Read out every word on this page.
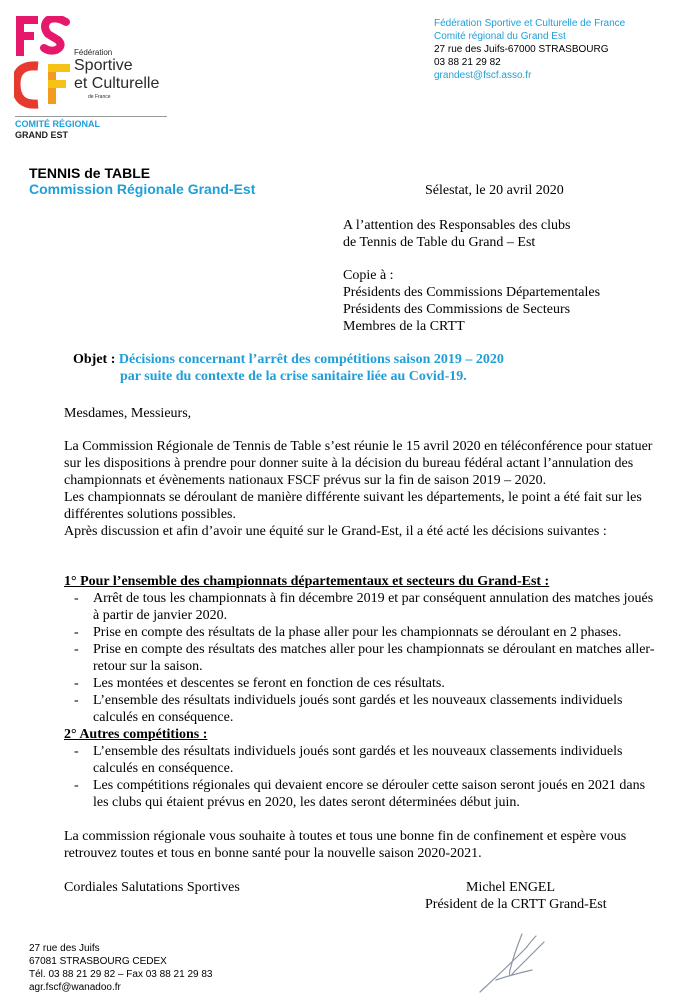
Fédération
Sportive
et Culturelle
de France
COMITÉ RÉGIONAL
GRAND EST
Fédération Sportive et Culturelle de France
Comité régional du Grand Est
27 rue des Juifs-67000 STRASBOURG
03 88 21 29 82
grandest@fscf.asso.fr
TENNIS de TABLE
Commission Régionale Grand-Est	Sélestat, le 20 avril 2020
A l’attention des Responsables des clubs
de Tennis de Table du Grand – Est
Copie à :
Présidents des Commissions Départementales
Présidents des Commissions de Secteurs
Membres de la CRTT
Objet : Décisions concernant l’arrêt des compétitions saison 2019 – 2020
par suite du contexte de la crise sanitaire liée au Covid-19.
Mesdames, Messieurs,

La Commission Régionale de Tennis de Table s’est réunie le 15 avril 2020 en téléconférence pour statuer sur les dispositions à prendre pour donner suite à la décision du bureau fédéral actant l’annulation des championnats et évènements nationaux FSCF prévus sur la fin de saison 2019 – 2020.

Les championnats se déroulant de manière différente suivant les départements, le point a été fait sur les différentes solutions possibles.

Après discussion et afin d’avoir une équité sur le Grand-Est, il a été acté les décisions suivantes :

1° Pour l’ensemble des championnats départementaux et secteurs du Grand-Est :
- Arrêt de tous les championnats à fin décembre 2019 et par conséquent annulation des matches joués à partir de janvier 2020.
- Prise en compte des résultats de la phase aller pour les championnats se déroulant en 2 phases.
- Prise en compte des résultats des matches aller pour les championnats se déroulant en matches aller-retour sur la saison.
- Les montées et descentes se feront en fonction de ces résultats.
- L’ensemble des résultats individuels joués sont gardés et les nouveaux classements individuels calculés en conséquence.
2° Autres compétitions :
- L’ensemble des résultats individuels joués sont gardés et les nouveaux classements individuels calculés en conséquence.
- Les compétitions régionales qui devaient encore se dérouler cette saison seront joués en 2021 dans les clubs qui étaient prévus en 2020, les dates seront déterminées début juin.
La commission régionale vous souhaite à toutes et tous une bonne fin de confinement et espère vous retrouvez toutes et tous en bonne santé pour la nouvelle saison 2020-2021.
Cordiales Salutations Sportives	Michel ENGEL
Président de la CRTT Grand-Est
27 rue des Juifs
67081 STRASBOURG CEDEX
Tél. 03 88 21 29 82 – Fax 03 88 21 29 83
agr.fscf@wanadoo.fr
